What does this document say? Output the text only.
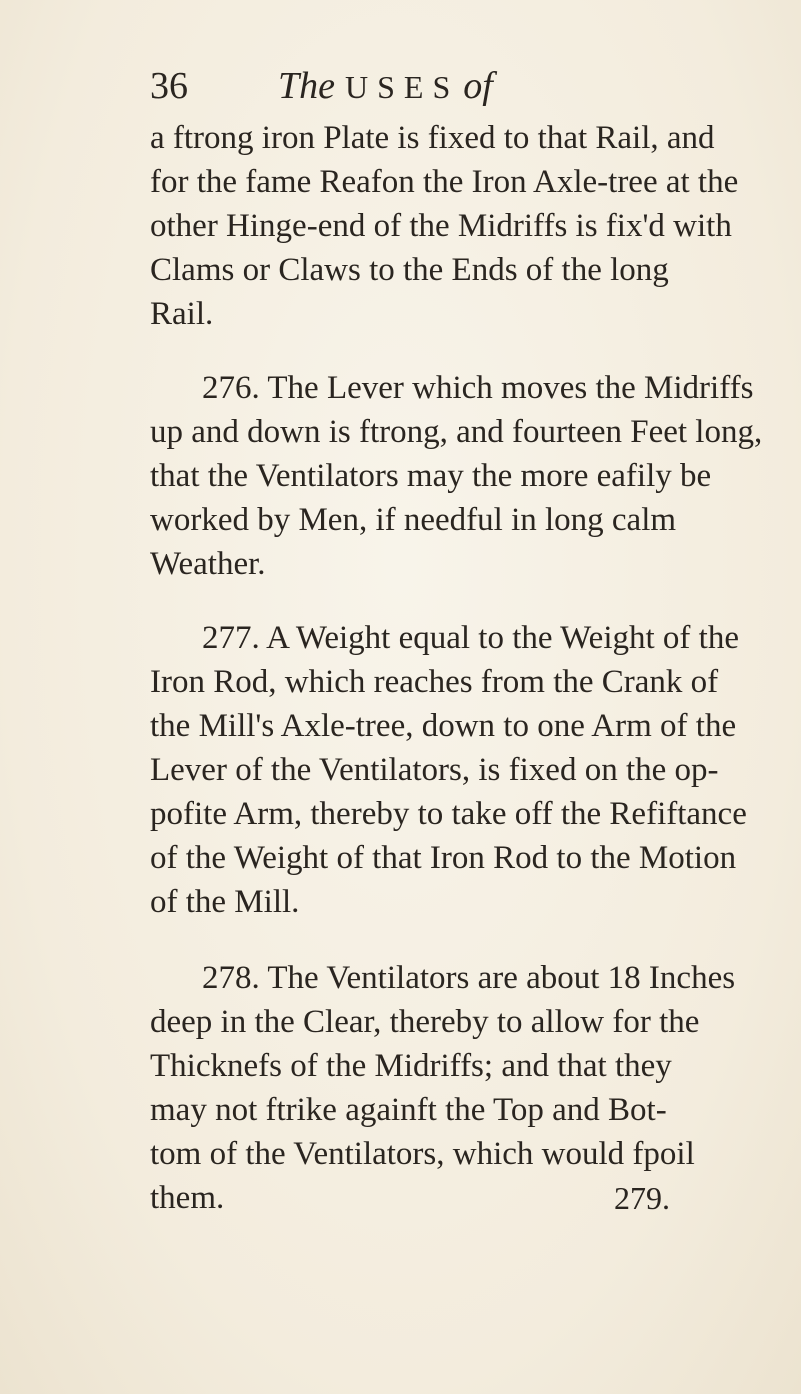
36 The USES of
a ftrong iron Plate is fixed to that Rail, and
for the fame Reafon the Iron Axle-tree at the
other Hinge-end of the Midriffs is fix'd with
Clams or Claws to the Ends of the long
Rail.
276. The Lever which moves the Midriffs
up and down is ftrong, and fourteen Feet long,
that the Ventilators may the more eafily be
worked by Men, if needful in long calm
Weather.
277. A Weight equal to the Weight of the
Iron Rod, which reaches from the Crank of
the Mill's Axle-tree, down to one Arm of the
Lever of the Ventilators, is fixed on the op-
pofite Arm, thereby to take off the Refiftance
of the Weight of that Iron Rod to the Motion
of the Mill.
278. The Ventilators are about 18 Inches
deep in the Clear, thereby to allow for the
Thicknefs of the Midriffs; and that they
may not ftrike againft the Top and Bot-
tom of the Ventilators, which would fpoil
them.	279.
